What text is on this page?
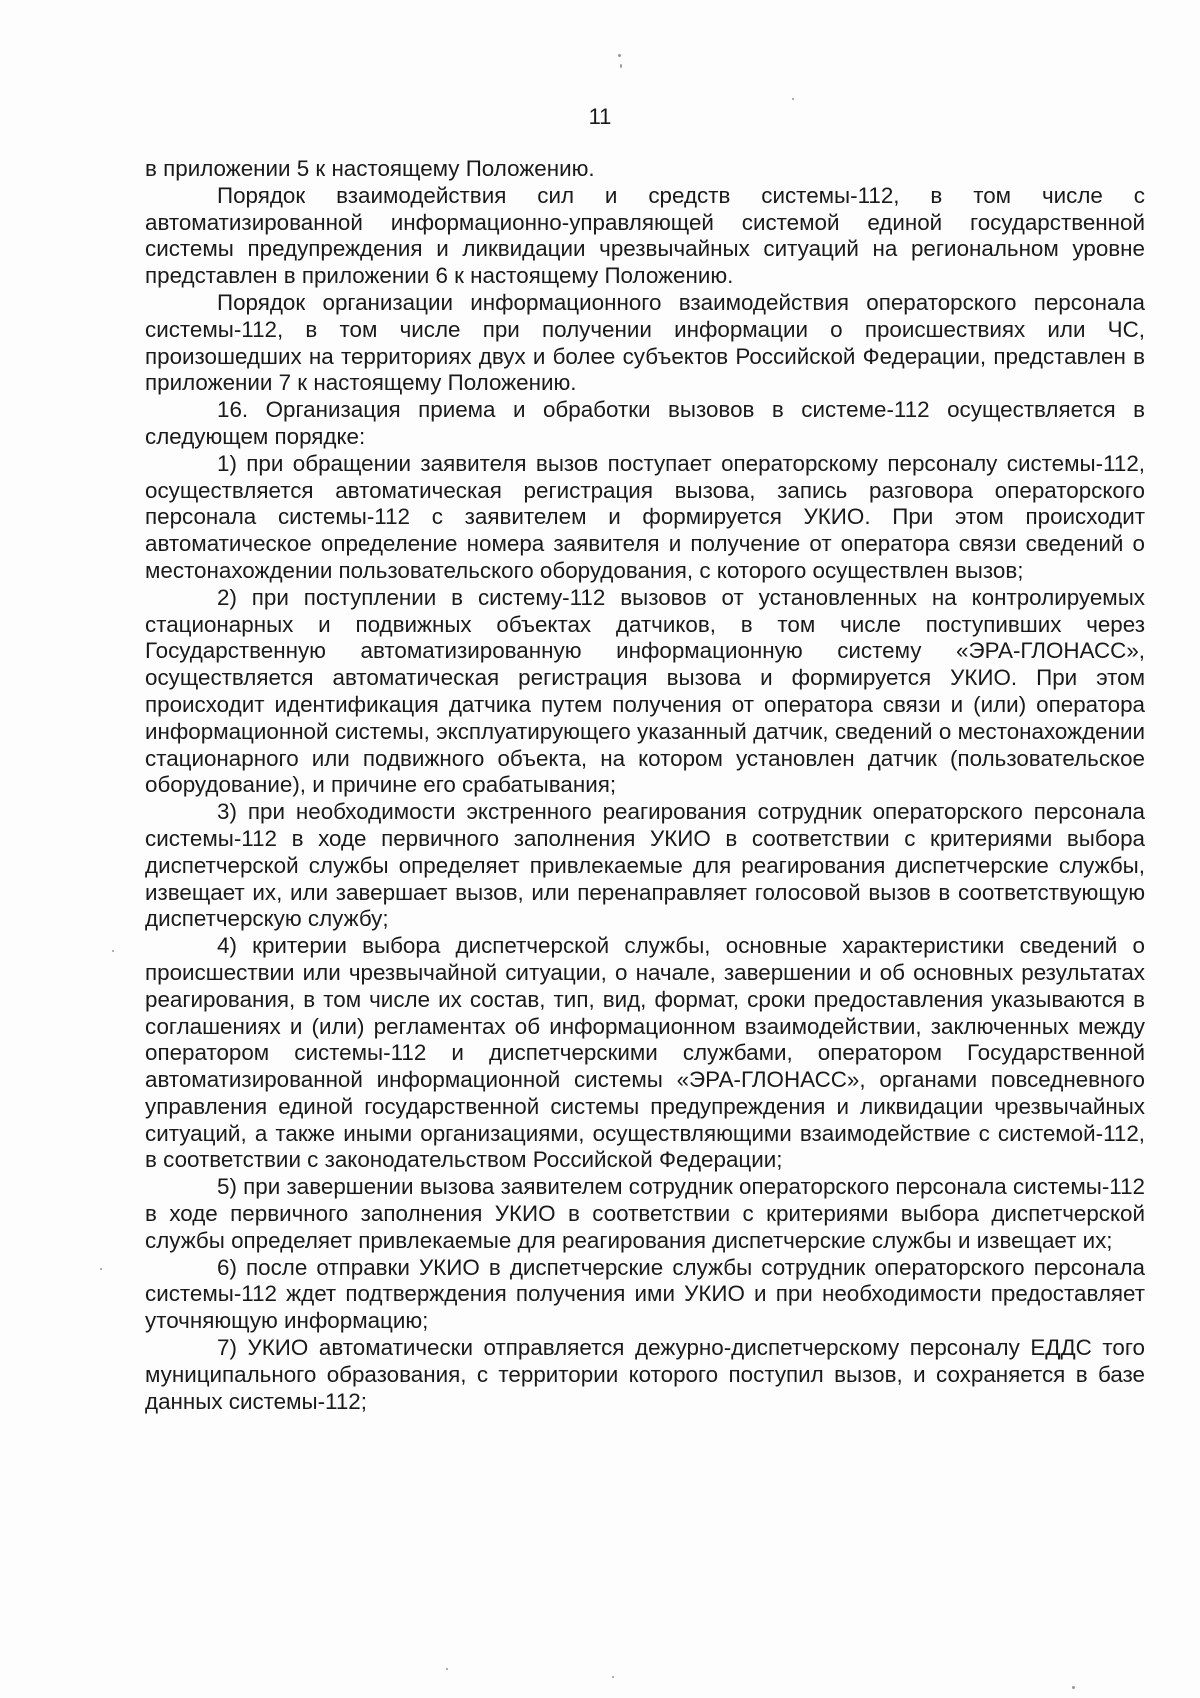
11

в приложении 5 к настоящему Положению.

Порядок взаимодействия сил и средств системы-112, в том числе с автоматизированной информационно-управляющей системой единой государственной системы предупреждения и ликвидации чрезвычайных ситуаций на региональном уровне представлен в приложении 6 к настоящему Положению.

Порядок организации информационного взаимодействия операторского персонала системы-112, в том числе при получении информации о происшествиях или ЧС, произошедших на территориях двух и более субъектов Российской Федерации, представлен в приложении 7 к настоящему Положению.

16. Организация приема и обработки вызовов в системе-112 осуществляется в следующем порядке:

1) при обращении заявителя вызов поступает операторскому персоналу системы-112, осуществляется автоматическая регистрация вызова, запись разговора операторского персонала системы-112 с заявителем и формируется УКИО. При этом происходит автоматическое определение номера заявителя и получение от оператора связи сведений о местонахождении пользовательского оборудования, с которого осуществлен вызов;

2) при поступлении в систему-112 вызовов от установленных на контролируемых стационарных и подвижных объектах датчиков, в том числе поступивших через Государственную автоматизированную информационную систему «ЭРА-ГЛОНАСС», осуществляется автоматическая регистрация вызова и формируется УКИО. При этом происходит идентификация датчика путем получения от оператора связи и (или) оператора информационной системы, эксплуатирующего указанный датчик, сведений о местонахождении стационарного или подвижного объекта, на котором установлен датчик (пользовательское оборудование), и причине его срабатывания;

3) при необходимости экстренного реагирования сотрудник операторского персонала системы-112 в ходе первичного заполнения УКИО в соответствии с критериями выбора диспетчерской службы определяет привлекаемые для реагирования диспетчерские службы, извещает их, или завершает вызов, или перенаправляет голосовой вызов в соответствующую диспетчерскую службу;

4) критерии выбора диспетчерской службы, основные характеристики сведений о происшествии или чрезвычайной ситуации, о начале, завершении и об основных результатах реагирования, в том числе их состав, тип, вид, формат, сроки предоставления указываются в соглашениях и (или) регламентах об информационном взаимодействии, заключенных между оператором системы-112 и диспетчерскими службами, оператором Государственной автоматизированной информационной системы «ЭРА-ГЛОНАСС», органами повседневного управления единой государственной системы предупреждения и ликвидации чрезвычайных ситуаций, а также иными организациями, осуществляющими взаимодействие с системой-112, в соответствии с законодательством Российской Федерации;

5) при завершении вызова заявителем сотрудник операторского персонала системы-112 в ходе первичного заполнения УКИО в соответствии с критериями выбора диспетчерской службы определяет привлекаемые для реагирования диспетчерские службы и извещает их;

6) после отправки УКИО в диспетчерские службы сотрудник операторского персонала системы-112 ждет подтверждения получения ими УКИО и при необходимости предоставляет уточняющую информацию;

7) УКИО автоматически отправляется дежурно-диспетчерскому персоналу ЕДДС того муниципального образования, с территории которого поступил вызов, и сохраняется в базе данных системы-112;
